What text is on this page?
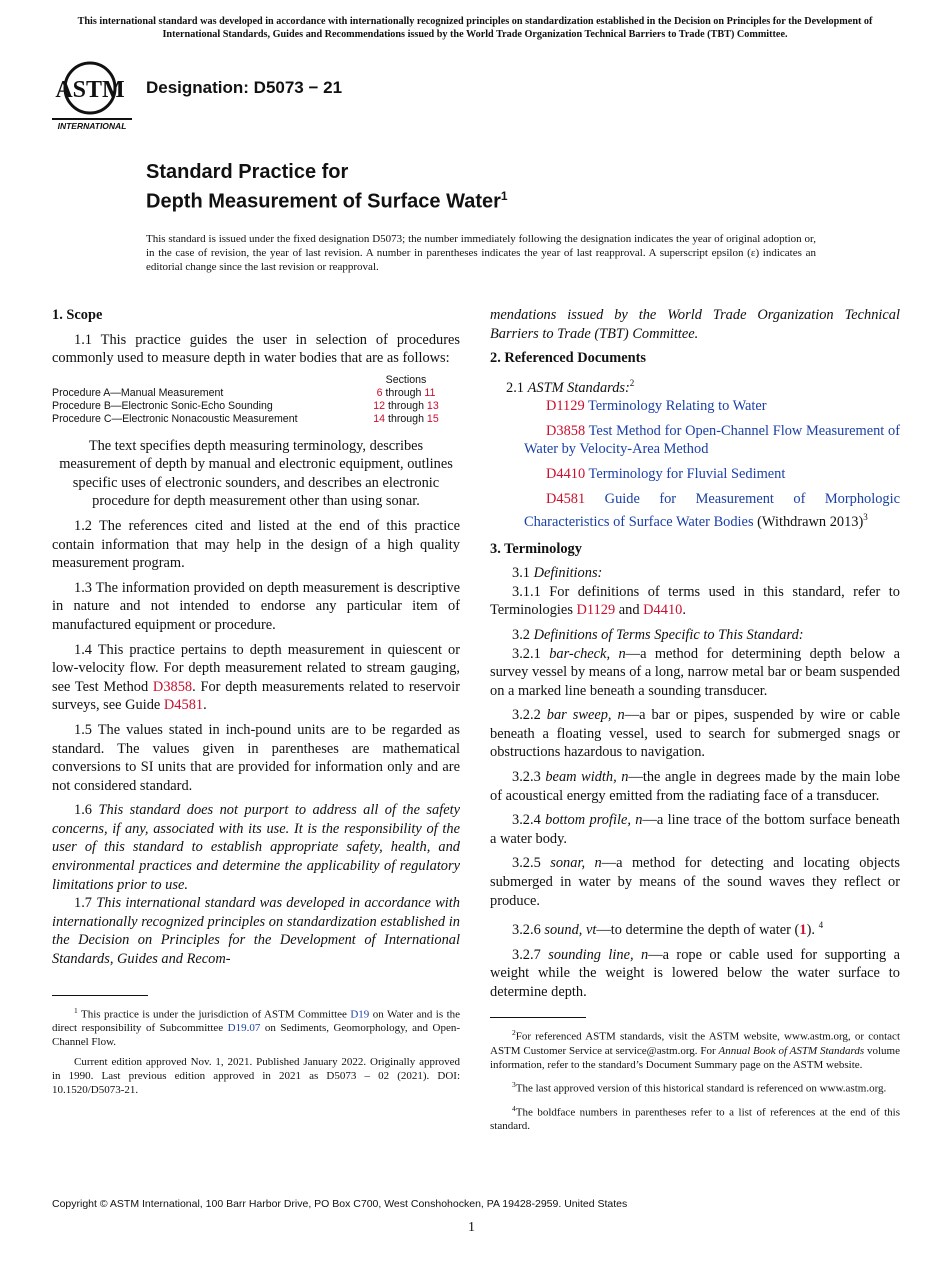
This international standard was developed in accordance with internationally recognized principles on standardization established in the Decision on Principles for the Development of International Standards, Guides and Recommendations issued by the World Trade Organization Technical Barriers to Trade (TBT) Committee.
ASTM
INTERNATIONAL
Designation: D5073 − 21
Standard Practice for
Depth Measurement of Surface Water$^1$
This standard is issued under the fixed designation D5073; the number immediately following the designation indicates the year of original adoption or, in the case of revision, the year of last revision. A number in parentheses indicates the year of last reapproval. A superscript epsilon (ε) indicates an editorial change since the last revision or reapproval.
1. Scope

1.1 This practice guides the user in selection of procedures commonly used to measure depth in water bodies that are as follows:

Sections
Procedure A—Manual Measurement	6 through 11
Procedure B—Electronic Sonic-Echo Sounding	12 through 13
Procedure C—Electronic Nonacoustic Measurement	14 through 15

The text specifies depth measuring terminology, describes measurement of depth by manual and electronic equipment, outlines specific uses of electronic sounders, and describes an electronic procedure for depth measurement other than using sonar.

1.2 The references cited and listed at the end of this practice contain information that may help in the design of a high quality measurement program.

1.3 The information provided on depth measurement is descriptive in nature and not intended to endorse any particular item of manufactured equipment or procedure.

1.4 This practice pertains to depth measurement in quiescent or low-velocity flow. For depth measurement related to stream gauging, see Test Method D3858. For depth measurements related to reservoir surveys, see Guide D4581.

1.5 The values stated in inch-pound units are to be regarded as standard. The values given in parentheses are mathematical conversions to SI units that are provided for information only and are not considered standard.

1.6 This standard does not purport to address all of the safety concerns, if any, associated with its use. It is the responsibility of the user of this standard to establish appropriate safety, health, and environmental practices and determine the applicability of regulatory limitations prior to use.

1.7 This international standard was developed in accordance with internationally recognized principles on standardization established in the Decision on Principles for the Development of International Standards, Guides and Recom-

$^1$ This practice is under the jurisdiction of ASTM Committee D19 on Water and is the direct responsibility of Subcommittee D19.07 on Sediments, Geomorphology, and Open-Channel Flow.

Current edition approved Nov. 1, 2021. Published January 2022. Originally approved in 1990. Last previous edition approved in 2021 as D5073 – 02 (2021). DOI: 10.1520/D5073-21.

mendations issued by the World Trade Organization Technical Barriers to Trade (TBT) Committee.

2. Referenced Documents

2.1 ASTM Standards:$^2$

D1129 Terminology Relating to Water

D3858 Test Method for Open-Channel Flow Measurement of Water by Velocity-Area Method

D4410 Terminology for Fluvial Sediment

D4581 Guide for Measurement of Morphologic Characteristics of Surface Water Bodies (Withdrawn 2013)$^3$

3. Terminology

3.1 Definitions:

3.1.1 For definitions of terms used in this standard, refer to Terminologies D1129 and D4410.

3.2 Definitions of Terms Specific to This Standard:

3.2.1 bar-check, n—a method for determining depth below a survey vessel by means of a long, narrow metal bar or beam suspended on a marked line beneath a sounding transducer.

3.2.2 bar sweep, n—a bar or pipes, suspended by wire or cable beneath a floating vessel, used to search for submerged snags or obstructions hazardous to navigation.

3.2.3 beam width, n—the angle in degrees made by the main lobe of acoustical energy emitted from the radiating face of a transducer.

3.2.4 bottom profile, n—a line trace of the bottom surface beneath a water body.

3.2.5 sonar, n—a method for detecting and locating objects submerged in water by means of the sound waves they reflect or produce.

3.2.6 sound, vt—to determine the depth of water (1). $^4$

3.2.7 sounding line, n—a rope or cable used for supporting a weight while the weight is lowered below the water surface to determine depth.

$^2$For referenced ASTM standards, visit the ASTM website, www.astm.org, or contact ASTM Customer Service at service@astm.org. For Annual Book of ASTM Standards volume information, refer to the standard’s Document Summary page on the ASTM website.

$^3$The last approved version of this historical standard is referenced on www.astm.org.

$^4$The boldface numbers in parentheses refer to a list of references at the end of this standard.

Copyright © ASTM International, 100 Barr Harbor Drive, PO Box C700, West Conshohocken, PA 19428-2959. United States
1
